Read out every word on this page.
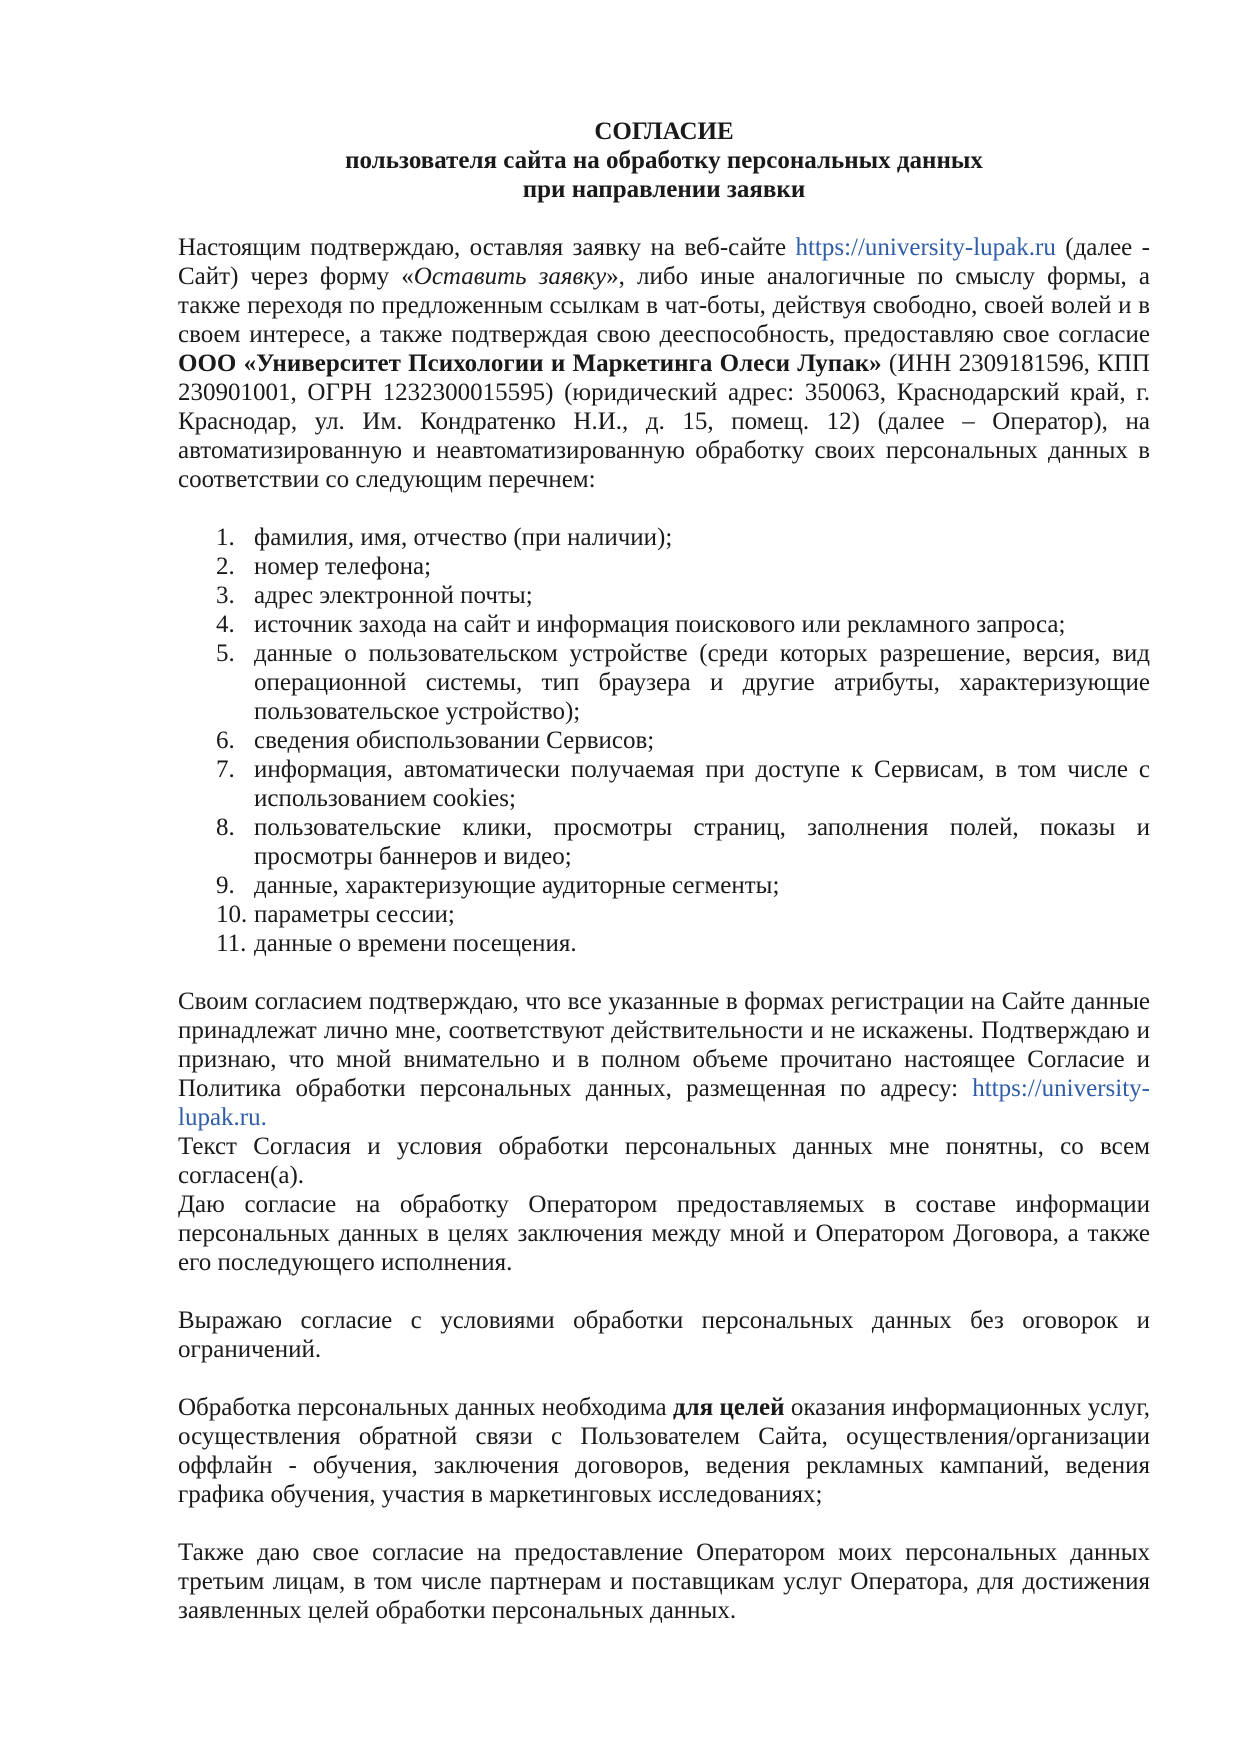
СОГЛАСИЕ
пользователя сайта на обработку персональных данных
при направлении заявки

Настоящим подтверждаю, оставляя заявку на веб-сайте https://university-lupak.ru (далее - Сайт) через форму «Оставить заявку», либо иные аналогичные по смыслу формы, а также переходя по предложенным ссылкам в чат-боты, действуя свободно, своей волей и в своем интересе, а также подтверждая свою дееспособность, предоставляю свое согласие ООО «Университет Психологии и Маркетинга Олеси Лупак» (ИНН 2309181596, КПП 230901001, ОГРН 1232300015595) (юридический адрес: 350063, Краснодарский край, г. Краснодар, ул. Им. Кондратенко Н.И., д. 15, помещ. 12) (далее – Оператор), на автоматизированную и неавтоматизированную обработку своих персональных данных в соответствии со следующим перечнем:

1. фамилия, имя, отчество (при наличии);
2. номер телефона;
3. адрес электронной почты;
4. источник захода на сайт и информация поискового или рекламного запроса;
5. данные о пользовательском устройстве (среди которых разрешение, версия, вид операционной системы, тип браузера и другие атрибуты, характеризующие пользовательское устройство);
6. сведения обиспользовании Сервисов;
7. информация, автоматически получаемая при доступе к Сервисам, в том числе с использованием cookies;
8. пользовательские клики, просмотры страниц, заполнения полей, показы и просмотры баннеров и видео;
9. данные, характеризующие аудиторные сегменты;
10. параметры сессии;
11. данные о времени посещения.

Своим согласием подтверждаю, что все указанные в формах регистрации на Сайте данные принадлежат лично мне, соответствуют действительности и не искажены. Подтверждаю и признаю, что мной внимательно и в полном объеме прочитано настоящее Согласие и Политика обработки персональных данных, размещенная по адресу: https://university-lupak.ru.

Текст Согласия и условия обработки персональных данных мне понятны, со всем согласен(а).

Даю согласие на обработку Оператором предоставляемых в составе информации персональных данных в целях заключения между мной и Оператором Договора, а также его последующего исполнения.

Выражаю согласие с условиями обработки персональных данных без оговорок и ограничений.

Обработка персональных данных необходима для целей оказания информационных услуг, осуществления обратной связи с Пользователем Сайта, осуществления/организации оффлайн - обучения, заключения договоров, ведения рекламных кампаний, ведения графика обучения, участия в маркетинговых исследованиях;

Также даю свое согласие на предоставление Оператором моих персональных данных третьим лицам, в том числе партнерам и поставщикам услуг Оператора, для достижения заявленных целей обработки персональных данных.
